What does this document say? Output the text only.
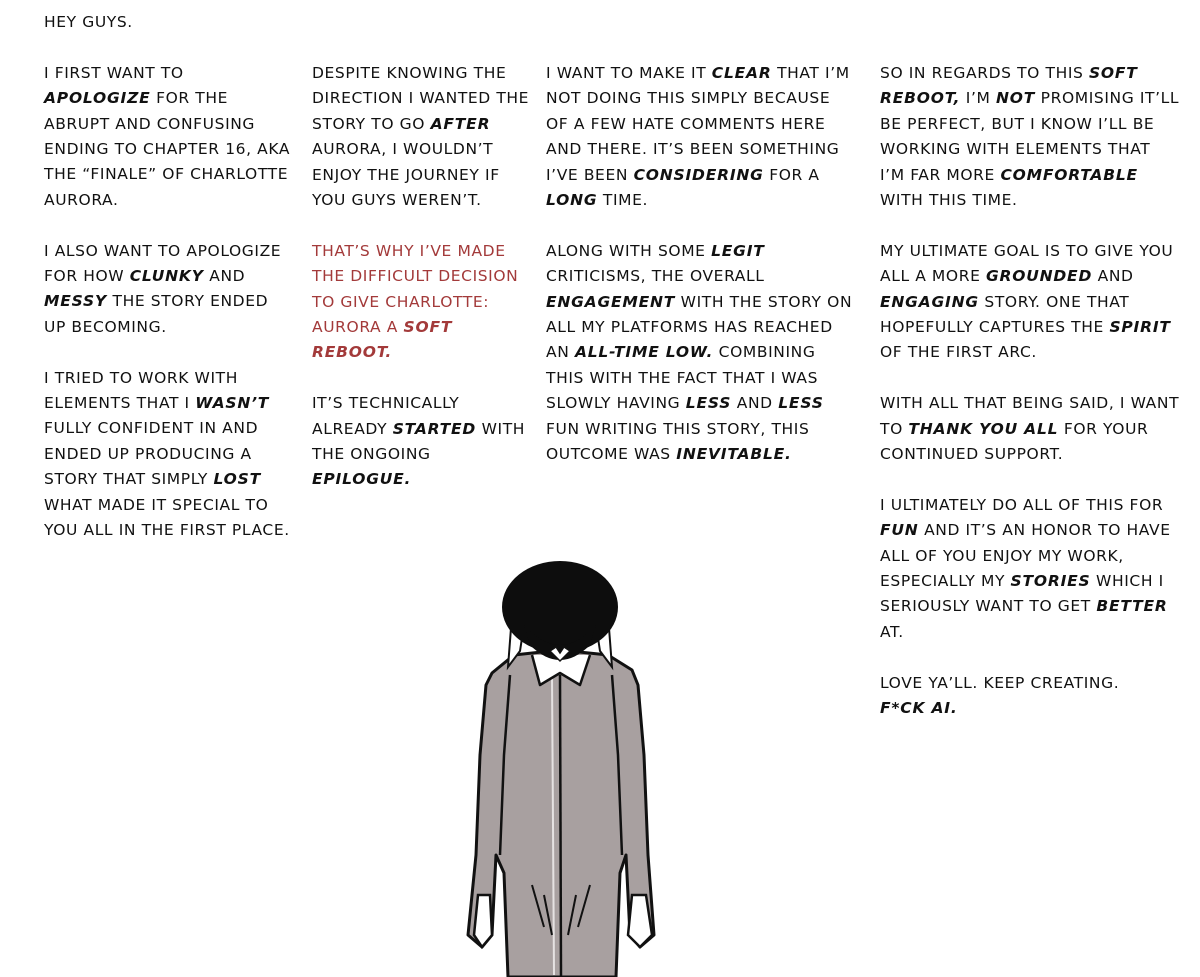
HEY GUYS.

I FIRST WANT TO APOLOGIZE FOR THE ABRUPT AND CONFUSING ENDING TO CHAPTER 16, AKA THE “FINALE” OF CHARLOTTE AURORA.

I ALSO WANT TO APOLOGIZE FOR HOW CLUNKY AND MESSY THE STORY ENDED UP BECOMING.

I TRIED TO WORK WITH ELEMENTS THAT I WASN’T FULLY CONFIDENT IN AND ENDED UP PRODUCING A STORY THAT SIMPLY LOST WHAT MADE IT SPECIAL TO YOU ALL IN THE FIRST PLACE.

DESPITE KNOWING THE DIRECTION I WANTED THE STORY TO GO AFTER AURORA, I WOULDN’T ENJOY THE JOURNEY IF YOU GUYS WEREN’T.

THAT’S WHY I’VE MADE THE DIFFICULT DECISION TO GIVE CHARLOTTE: AURORA A SOFT REBOOT.

IT’S TECHNICALLY ALREADY STARTED WITH THE ONGOING EPILOGUE.

I WANT TO MAKE IT CLEAR THAT I’M NOT DOING THIS SIMPLY BECAUSE OF A FEW HATE COMMENTS HERE AND THERE. IT’S BEEN SOMETHING I’VE BEEN CONSIDERING FOR A LONG TIME.

ALONG WITH SOME LEGIT CRITICISMS, THE OVERALL ENGAGEMENT WITH THE STORY ON ALL MY PLATFORMS HAS REACHED AN ALL-TIME LOW. COMBINING THIS WITH THE FACT THAT I WAS SLOWLY HAVING LESS AND LESS FUN WRITING THIS STORY, THIS OUTCOME WAS INEVITABLE.

SO IN REGARDS TO THIS SOFT REBOOT, I’M NOT PROMISING IT’LL BE PERFECT, BUT I KNOW I’LL BE WORKING WITH ELEMENTS THAT I’M FAR MORE COMFORTABLE WITH THIS TIME.

MY ULTIMATE GOAL IS TO GIVE YOU ALL A MORE GROUNDED AND ENGAGING STORY. ONE THAT HOPEFULLY CAPTURES THE SPIRIT OF THE FIRST ARC.

WITH ALL THAT BEING SAID, I WANT TO THANK YOU ALL FOR YOUR CONTINUED SUPPORT.

I ULTIMATELY DO ALL OF THIS FOR FUN AND IT’S AN HONOR TO HAVE ALL OF YOU ENJOY MY WORK, ESPECIALLY MY STORIES WHICH I SERIOUSLY WANT TO GET BETTER AT.

LOVE YA’LL. KEEP CREATING.
F*CK AI.
